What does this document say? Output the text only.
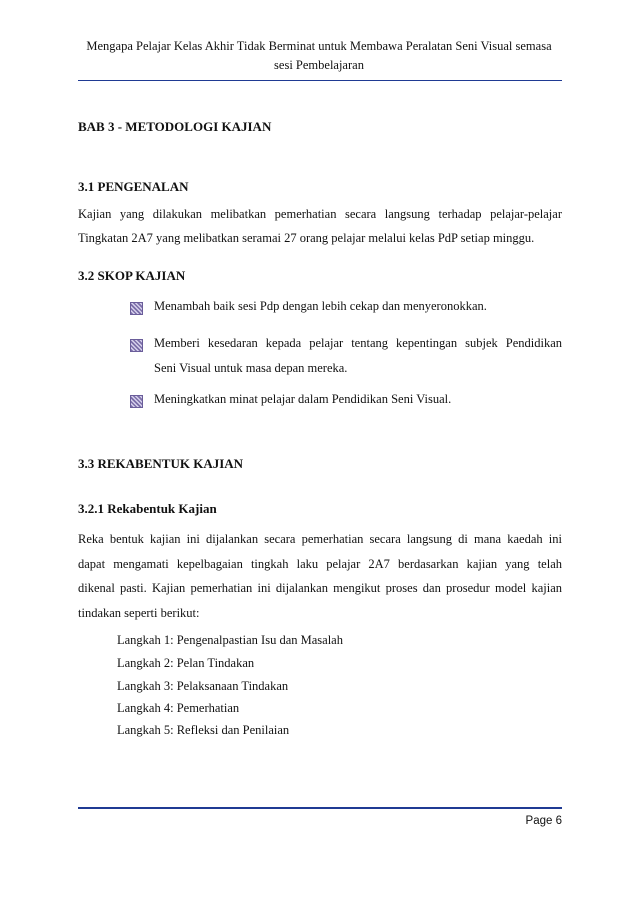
Mengapa Pelajar Kelas Akhir Tidak Berminat untuk Membawa Peralatan Seni Visual semasa
sesi Pembelajaran
BAB 3 - METODOLOGI KAJIAN
3.1 PENGENALAN
Kajian yang dilakukan melibatkan pemerhatian secara langsung terhadap pelajar-pelajar
Tingkatan 2A7 yang melibatkan seramai 27 orang pelajar melalui kelas PdP setiap minggu.
3.2 SKOP KAJIAN
Menambah baik sesi Pdp dengan lebih cekap dan menyeronokkan.
Memberi kesedaran kepada pelajar tentang kepentingan subjek Pendidikan
Seni Visual untuk masa depan mereka.
Meningkatkan minat pelajar dalam Pendidikan Seni Visual.
3.3 REKABENTUK KAJIAN
3.2.1 Rekabentuk Kajian
Reka bentuk kajian ini dijalankan secara pemerhatian secara langsung di mana kaedah ini
dapat mengamati kepelbagaian tingkah laku pelajar 2A7 berdasarkan kajian yang telah
dikenal pasti. Kajian pemerhatian ini dijalankan mengikut proses dan prosedur model kajian
tindakan seperti berikut:
Langkah 1: Pengenalpastian Isu dan Masalah
Langkah 2: Pelan Tindakan
Langkah 3: Pelaksanaan Tindakan
Langkah 4: Pemerhatian
Langkah 5: Refleksi dan Penilaian
Page 6
